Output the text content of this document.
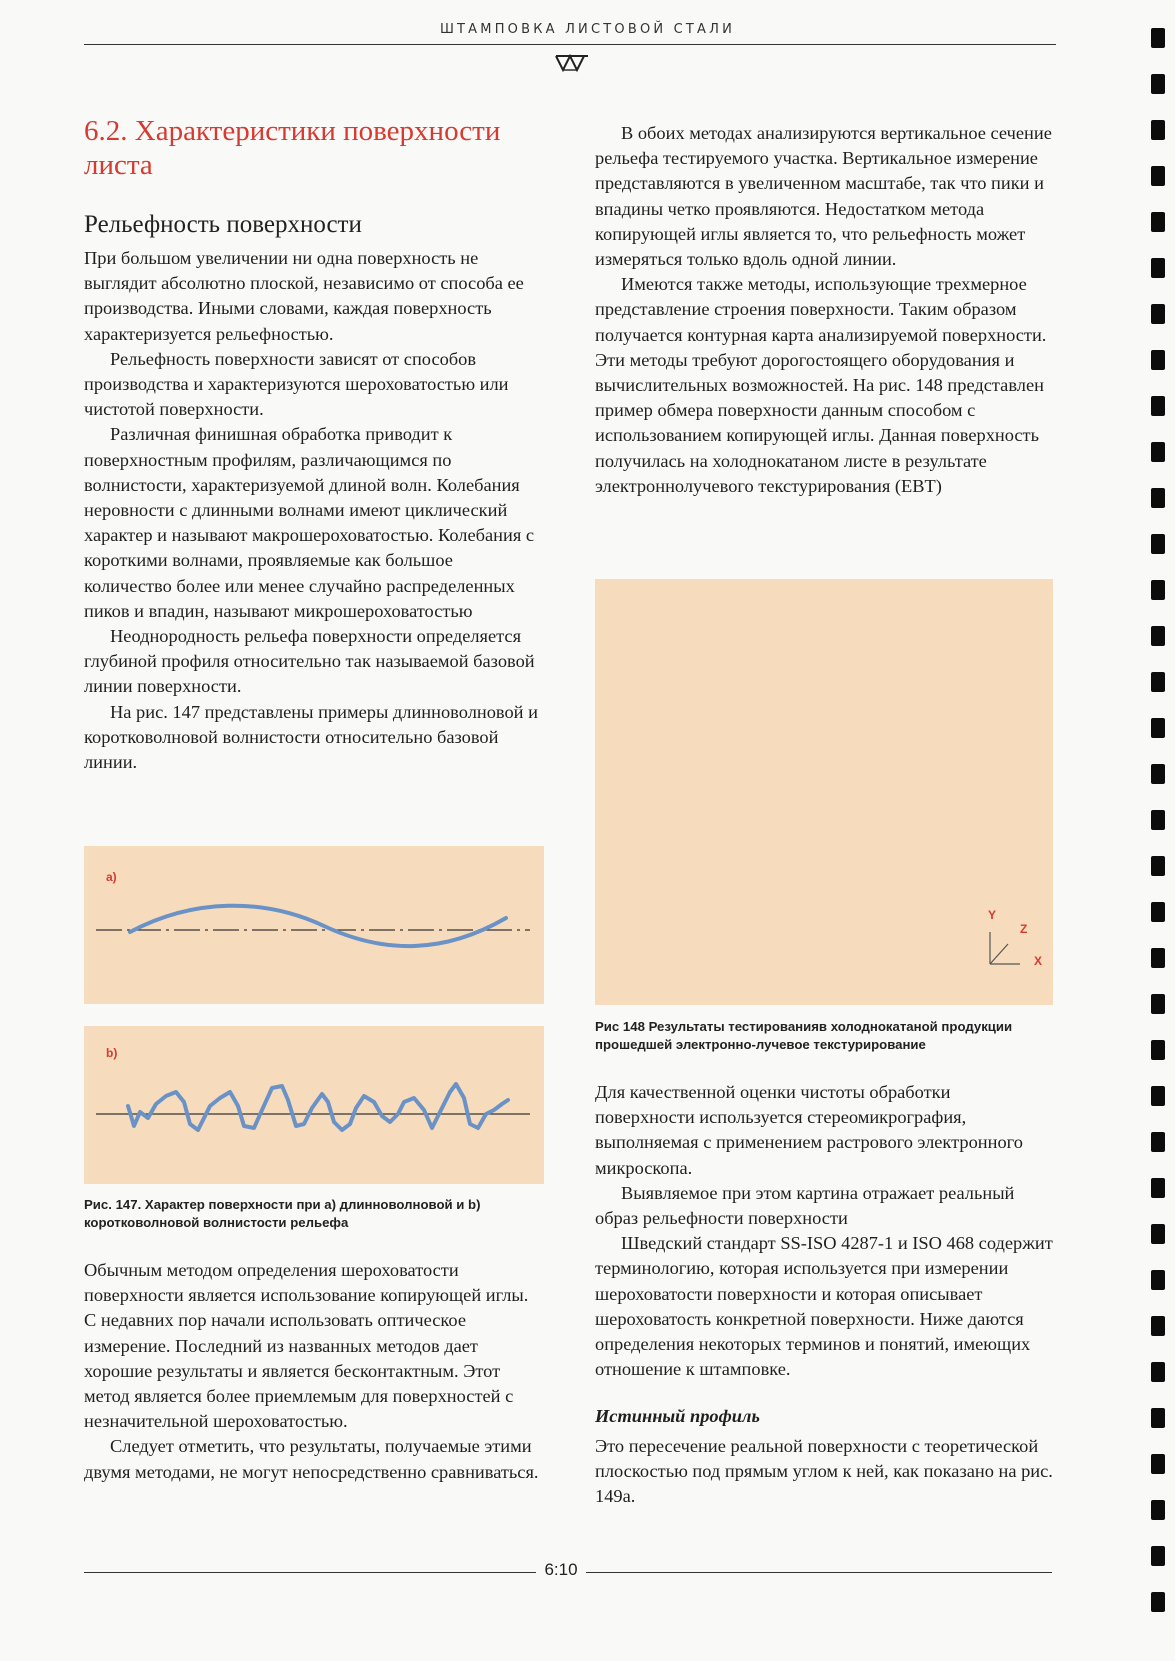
ШТАМПОВКА ЛИСТОВОЙ СТАЛИ
6.2. Характеристики поверхности листа
Рельефность поверхности

При большом увеличении ни одна поверхность не выглядит абсолютно плоской, независимо от способа ее производства. Иными словами, каждая поверхность характеризуется рельефностью.

Рельефность поверхности зависят от способов производства и характеризуются шероховатостью или чистотой поверхности.

Различная финишная обработка приводит к поверхностным профилям, различающимся по волнистости, характеризуемой длиной волн. Колебания неровности с длинными волнами имеют циклический характер и называют макрошероховатостью. Колебания с короткими волнами, проявляемые как большое количество более или менее случайно распределенных пиков и впадин, называют микрошероховатостью

Неоднородность рельефа поверхности определяется глубиной профиля относительно так называемой базовой линии поверхности.

На рис. 147 представлены примеры длинноволновой и коротковолновой волнистости относительно базовой линии.

a)
b)
Рис. 147. Характер поверхности при a) длинноволновой и b) коротковолновой волнистости рельефа

Обычным методом определения шероховатости поверхности является использование копирующей иглы. С недавних пор начали использовать оптическое измерение. Последний из названных методов дает хорошие результаты и является бесконтактным. Этот метод является более приемлемым для поверхностей с незначительной шероховатостью.

Следует отметить, что результаты, получаемые этими двумя методами, не могут непосредственно сравниваться.

В обоих методах анализируются вертикальное сечение рельефа тестируемого участка. Вертикальное измерение представляются в увеличенном масштабе, так что пики и впадины четко проявляются. Недостатком метода копирующей иглы является то, что рельефность может измеряться только вдоль одной линии.

Имеются также методы, использующие трехмерное представление строения поверхности. Таким образом получается контурная карта анализируемой поверхности. Эти методы требуют дорогостоящего оборудования и вычислительных возможностей. На рис. 148 представлен пример обмера поверхности данным способом с использованием копирующей иглы. Данная поверхность получилась на холоднокатаном листе в результате электроннолучевого текстурирования (EBT)

Y
Z
X
Рис 148 Результаты тестированияв холоднокатаной продукции прошедшей электронно-лучевое текстурирование

Для качественной оценки чистоты обработки поверхности используется стереомикрография, выполняемая с применением растрового электронного микроскопа.

Выявляемое при этом картина отражает реальный образ рельефности поверхности

Шведский стандарт SS-ISO 4287-1 и ISO 468 содержит терминологию, которая используется при измерении шероховатости поверхности и которая описывает шероховатость конкретной поверхности. Ниже даются определения некоторых терминов и понятий, имеющих отношение к штамповке.

Истинный профиль

Это пересечение реальной поверхности с теоретической плоскостью под прямым углом к ней, как показано на рис. 149а.

6:10
